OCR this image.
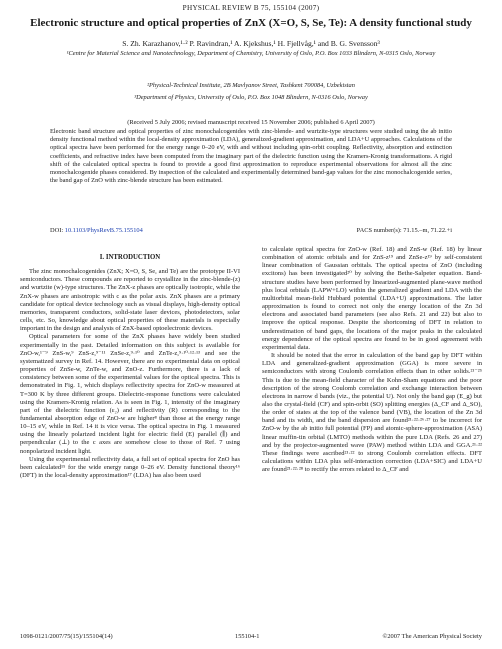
PHYSICAL REVIEW B 75, 155104 (2007)
Electronic structure and optical properties of ZnX (X=O, S, Se, Te): A density functional study
S. Zh. Karazhanov,¹·² P. Ravindran,¹ A. Kjekshus,¹ H. Fjellvåg,¹ and B. G. Svensson³
¹Centre for Material Science and Nanotechnology, Department of Chemistry, University of Oslo, P.O. Box 1033 Blindern, N-0315 Oslo, Norway
²Physical-Technical Institute, 2B Mavlyanov Street, Tashkent 700084, Uzbekistan
³Department of Physics, University of Oslo, P.O. Box 1048 Blindern, N-0316 Oslo, Norway
(Received 5 July 2006; revised manuscript received 15 November 2006; published 6 April 2007)
Electronic band structure and optical properties of zinc monochalcogenides with zinc-blende- and wurtzite-type structures were studied using the ab initio density functional method within the local-density approximation (LDA), generalized-gradient approximation, and LDA+U approaches. Calculations of the optical spectra have been performed for the energy range 0–20 eV, with and without including spin-orbit coupling. Reflectivity, absorption and extinction coefficients, and refractive index have been computed from the imaginary part of the dielectric function using the Kramers-Kronig transformations. A rigid shift of the calculated optical spectra is found to provide a good first approximation to reproduce experimental observations for almost all the zinc monochalcogenide phases considered. By inspection of the calculated and experimentally determined band-gap values for the zinc monochalcogenide series, the band gap of ZnO with zinc-blende structure has been estimated.
DOI: 10.1103/PhysRevB.75.155104	PACS number(s): 71.15.–m, 71.22.+i
I. INTRODUCTION

The zinc monochalcogenides (ZnX; X=O, S, Se, and Te) are the prototype II-VI semiconductors. These compounds are reported to crystallize in the zinc-blende-(z) and wurtzite (w)-type structures. The ZnX-z phases are optically isotropic, while the ZnX-w phases are anisotropic with c as the polar axis. ZnX phases are a primary candidate for optical device technology such as visual displays, high-density optical memories, transparent conductors, solid-state laser devices, photodetectors, solar cells, etc. So, knowledge about optical properties of these materials is especially important in the design and analysis of ZnX-based optoelectronic devices.

Optical parameters for some of the ZnX phases have widely been studied experimentally in the past. Detailed information on this subject is available for ZnO-w,¹⁻⁹ ZnS-w,⁹ ZnS-z,⁹⁻¹¹ ZnSe-z,⁹·¹⁰ and ZnTe-z,⁹·¹⁰·¹²·¹³ and see the systematized survey in Ref. 14. However, there are no experimental data on optical properties of ZnSe-w, ZnTe-w, and ZnO-z. Furthermore, there is a lack of consistency between some of the experimental values for the optical spectra. This is demonstrated in Fig. 1, which displays reflectivity spectra for ZnO-w measured at T=300 K by three different groups. Dielectric-response functions were calculated using the Kramers-Kronig relation. As is seen in Fig. 1, intensity of the imaginary part of the dielectric function (ε₂) and reflectivity (R) corresponding to the fundamental absorption edge of ZnO-w are higher⁸ than those at the energy range 10–15 eV, while in Ref. 14 it is vice versa. The optical spectra in Fig. 1 measured using the linearly polarized incident light for electric field (E) parallel (∥) and perpendicular (⊥) to the c axes are somehow close to those of Ref. 7 using nonpolarized incident light.

Using the experimental reflectivity data, a full set of optical spectra for ZnO has been calculated¹⁵ for the wide energy range 0–26 eV. Density functional theory¹⁶ (DFT) in the local-density approximation¹⁷ (LDA) has also been used

to calculate optical spectra for ZnO-w (Ref. 18) and ZnS-w (Ref. 18) by linear combination of atomic orbitals and for ZnS-z¹⁹ and ZnSe-z¹⁹ by self-consistent linear combination of Gaussian orbitals. The optical spectra of ZnO (including excitons) has been investigated²⁰ by solving the Bethe-Salpeter equation. Band-structure studies have been performed by linearized-augmented plane-wave method plus local orbitals (LAPW+LO) within the generalized gradient and LDA with the multiorbital mean-field Hubbard potential (LDA+U) approximations. The latter approximation is found to correct not only the energy location of the Zn 3d electrons and associated band parameters (see also Refs. 21 and 22) but also to improve the optical response. Despite the shortcoming of DFT in relation to underestimation of band gaps, the locations of the major peaks in the calculated energy dependence of the optical spectra are found to be in good agreement with experimental data.

It should be noted that the error in calculation of the band gap by DFT within LDA and generalized-gradient approximation (GGA) is more severe in semiconductors with strong Coulomb correlation effects than in other solids.²¹⁻²⁵ This is due to the mean-field character of the Kohn-Sham equations and the poor description of the strong Coulomb correlation and exchange interaction between electrons in narrow d bands (viz., the potential U). Not only the band gap (E_g) but also the crystal-field (CF) and spin-orbit (SO) splitting energies (Δ_CF and Δ_SO), the order of states at the top of the valence band (VB), the location of the Zn 3d band and its width, and the band dispersion are found²¹·²²·²⁶·²⁷ to be incorrect for ZnO-w by the ab initio full potential (FP) and atomic-sphere-approximation (ASA) linear muffin-tin orbital (LMTO) methods within the pure LDA (Refs. 26 and 27) and by the projector-augmented wave (PAW) method within LDA and GGA.²¹·²² These findings were ascribed²¹·²² to strong Coulomb correlation effects. DFT calculations within LDA plus self-interaction correction (LDA+SIC) and LDA+U are found²¹·²²·²⁸ to rectify the errors related to Δ_CF and

1098-0121/2007/75(15)/155104(14)	155104-1	©2007 The American Physical Society
